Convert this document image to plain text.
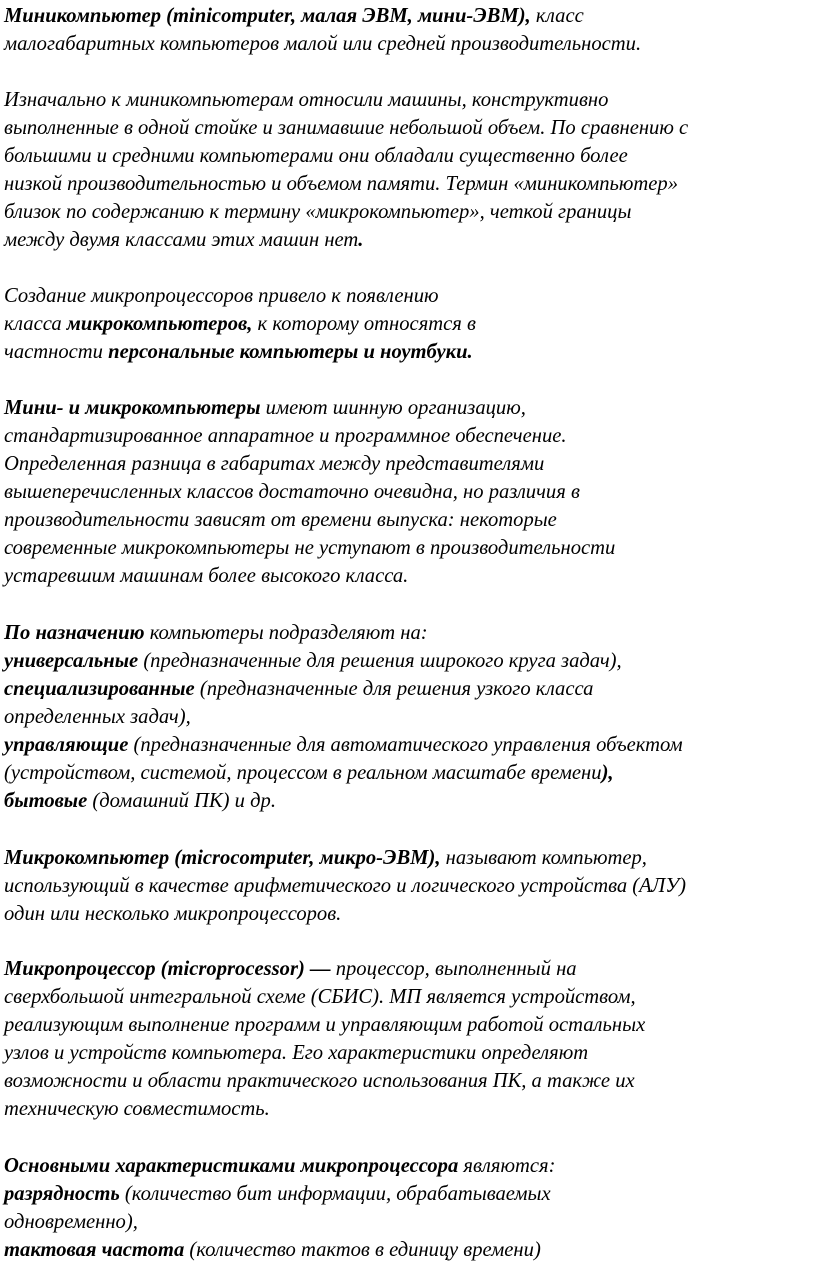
Миникомпьютер (minicomputer, малая ЭВМ, мини-ЭВМ), класс
малогабаритных компьютеров малой или средней производительности.
Изначально к миникомпьютерам относили машины, конструктивно
выполненные в одной стойке и занимавшие небольшой объем. По сравнению с
большими и средними компьютерами они обладали существенно более
низкой производительностью и объемом памяти. Термин «миникомпьютер»
близок по содержанию к термину «микрокомпьютер», четкой границы
между двумя классами этих машин нет.
Создание микропроцессоров привело к появлению
класса микрокомпьютеров, к которому относятся в
частности персональные компьютеры и ноутбуки.
Мини- и микрокомпьютеры имеют шинную организацию,
стандартизированное аппаратное и программное обеспечение.
Определенная разница в габаритах между представителями
вышеперечисленных классов достаточно очевидна, но различия в
производительности зависят от времени выпуска: некоторые
современные микрокомпьютеры не уступают в производительности
устаревшим машинам более высокого класса.
По назначению компьютеры подразделяют на:
универсальные (предназначенные для решения широкого круга задач),
специализированные (предназначенные для решения узкого класса
определенных задач),
управляющие (предназначенные для автоматического управления объектом
(устройством, системой, процессом в реальном масштабе времени),
бытовые (домашний ПК) и др.
Микрокомпьютер (microcomputer, микро-ЭВМ), называют компьютер,
использующий в качестве арифметического и логического устройства (АЛУ)
один или несколько микропроцессоров.
Микропроцессор (microprocessor) — процессор, выполненный на
сверхбольшой интегральной схеме (СБИС). МП является устройством,
реализующим выполнение программ и управляющим работой остальных
узлов и устройств компьютера. Его характеристики определяют
возможности и области практического использования ПК, а также их
техническую совместимость.
Основными характеристиками микропроцессора являются:
разрядность (количество бит информации, обрабатываемых
одновременно),
тактовая частота (количество тактов в единицу времени)
